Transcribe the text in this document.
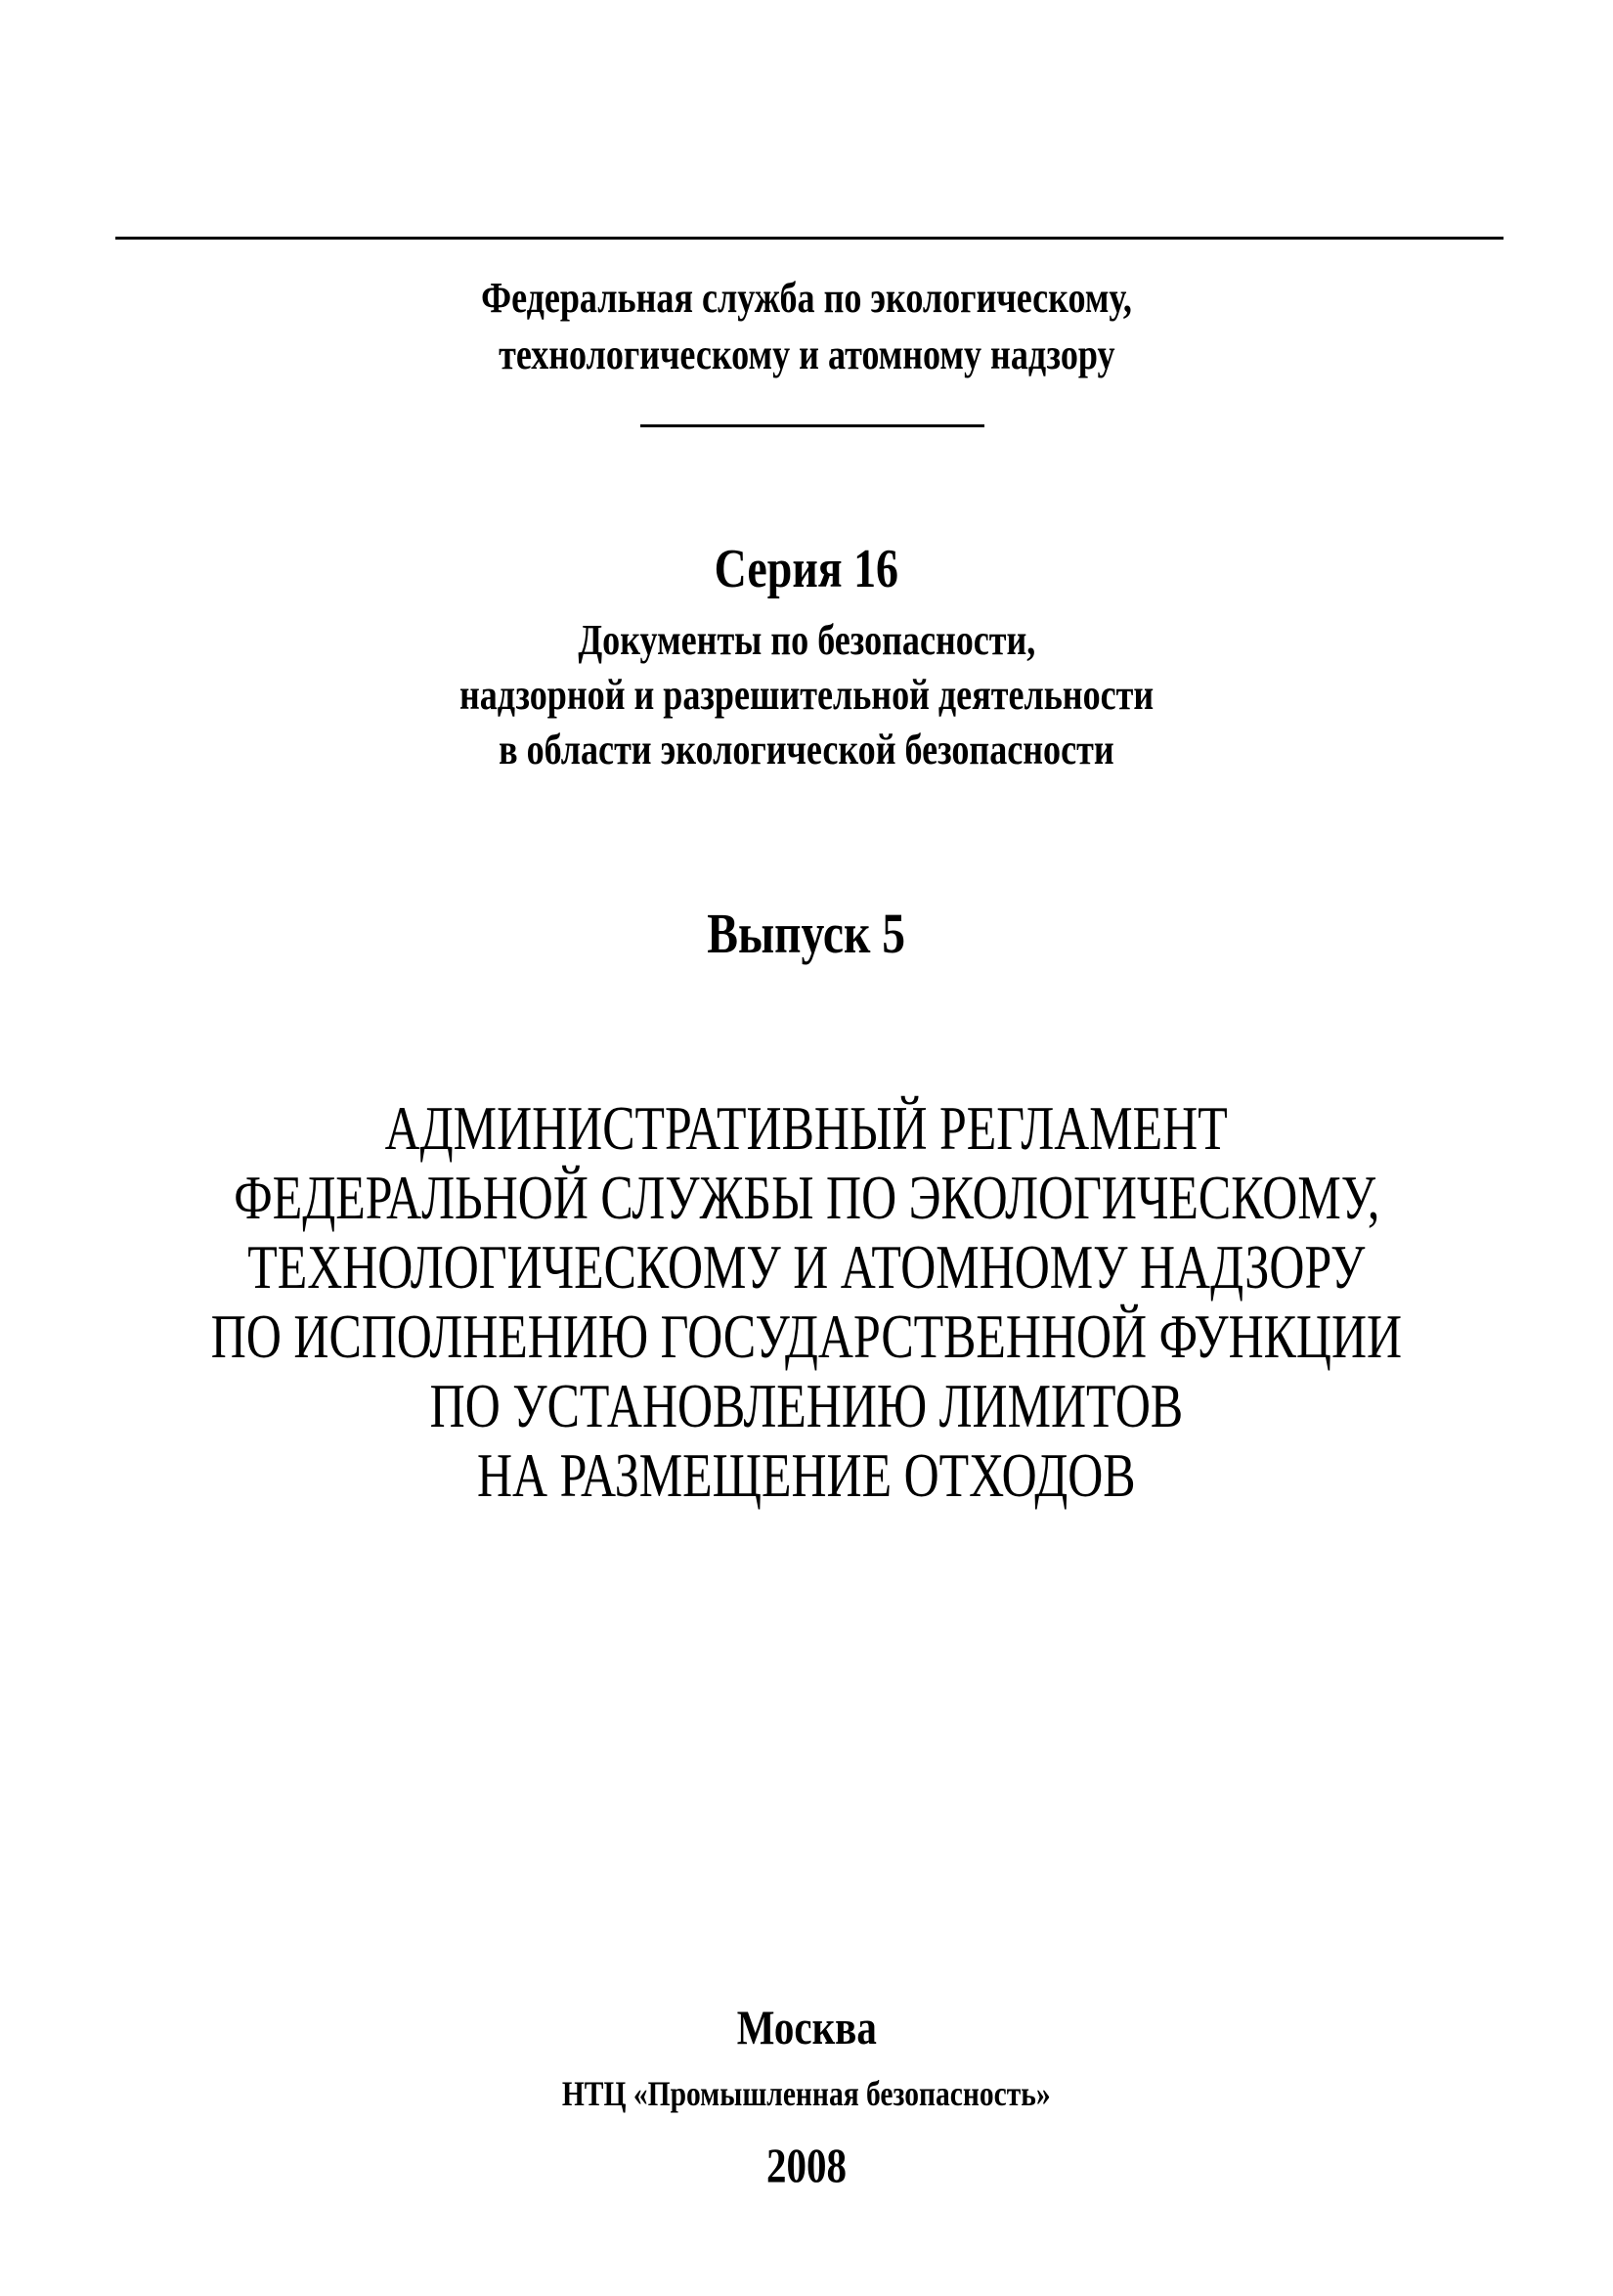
Федеральная служба по экологическому,
технологическому и атомному надзору
Серия 16
Документы по безопасности,
надзорной и разрешительной деятельности
в области экологической безопасности
Выпуск 5
АДМИНИСТРАТИВНЫЙ РЕГЛАМЕНТ
ФЕДЕРАЛЬНОЙ СЛУЖБЫ ПО ЭКОЛОГИЧЕСКОМУ,
ТЕХНОЛОГИЧЕСКОМУ И АТОМНОМУ НАДЗОРУ
ПО ИСПОЛНЕНИЮ ГОСУДАРСТВЕННОЙ ФУНКЦИИ
ПО УСТАНОВЛЕНИЮ ЛИМИТОВ
НА РАЗМЕЩЕНИЕ ОТХОДОВ
Москва
НТЦ «Промышленная безопасность»
2008
